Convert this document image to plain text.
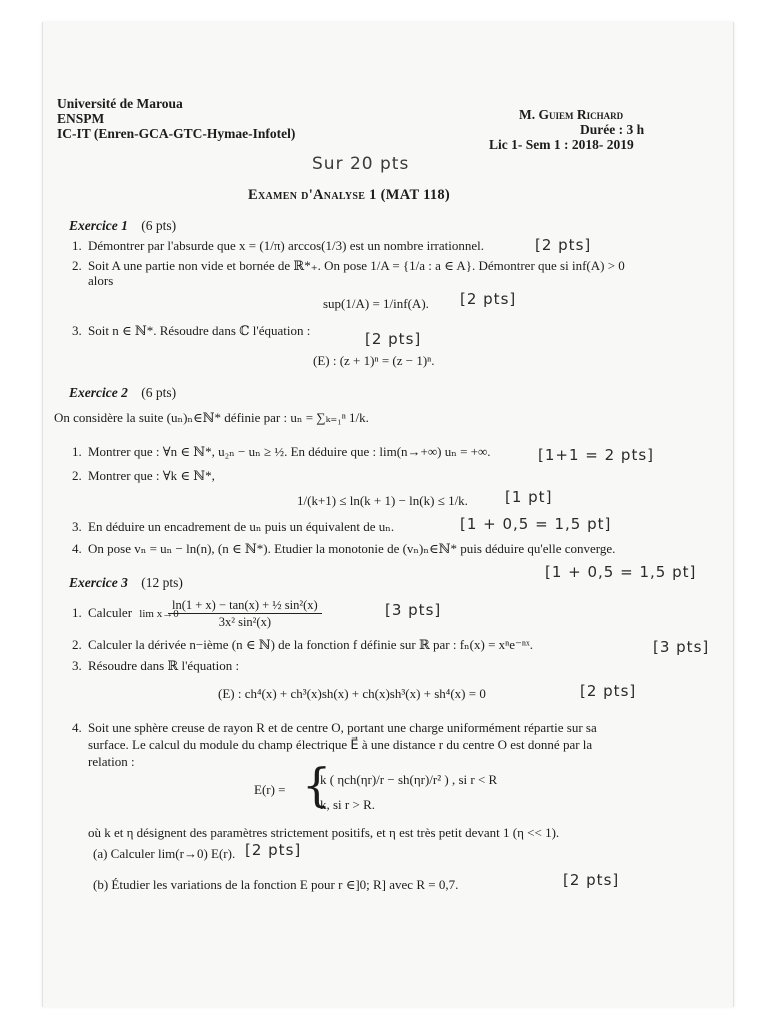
Université de Maroua
ENSPM
IC-IT (Enren-GCA-GTC-Hymae-Infotel)
M. Guiem Richard
Durée : 3 h
Lic 1- Sem 1 : 2018- 2019
Sur 20 pts
Examen d'Analyse 1 (MAT 118)
Exercice 1 (6 pts)
1. Démontrer par l'absurde que x = (1/π) arccos(1/3) est un nombre irrationnel.	[2 pts]
2. Soit A une partie non vide et bornée de ℝ*₊. On pose 1/A = {1/a : a ∈ A}. Démontrer que si inf(A) > 0
alors
sup(1/A) = 1/inf(A). [2 pts]
3. Soit n ∈ ℕ*. Résoudre dans ℂ l'équation :	[2 pts]
(E) : (z + 1)ⁿ = (z − 1)ⁿ.
Exercice 2 (6 pts)
On considère la suite (uₙ)ₙ∈ℕ* définie par : uₙ = ∑ₖ₌₁ⁿ 1/k.
1. Montrer que : ∀n ∈ ℕ*, u₂ₙ − uₙ ≥ ½. En déduire que : lim(n→+∞) uₙ = +∞.	[1+1 = 2 pts]
2. Montrer que : ∀k ∈ ℕ*,
1/(k+1) ≤ ln(k + 1) − ln(k) ≤ 1/k. [1 pt]
3. En déduire un encadrement de uₙ puis un équivalent de uₙ.	[1 + 0,5 = 1,5 pt]
4. On pose vₙ = uₙ − ln(n), (n ∈ ℕ*). Etudier la monotonie de (vₙ)ₙ∈ℕ* puis déduire qu'elle converge.
[1 + 0,5 = 1,5 pt]
Exercice 3 (12 pts)
1. Calculer lim x→0
ln(1 + x) − tan(x) + ½ sin²(x)
3x² sin²(x)
[3 pts]
2. Calculer la dérivée n−ième (n ∈ ℕ) de la fonction f définie sur ℝ par : fₙ(x) = xⁿe⁻ⁿˣ.	[3 pts]
3. Résoudre dans ℝ l'équation :
(E) : ch⁴(x) + ch³(x)sh(x) + ch(x)sh³(x) + sh⁴(x) = 0	[2 pts]
4. Soit une sphère creuse de rayon R et de centre O, portant une charge uniformément répartie sur sa
surface. Le calcul du module du champ électrique E⃗ à une distance r du centre O est donné par la
relation :
E(r) = {
k ( ηch(ηr)/r − sh(ηr)/r² ) , si r < R
k, si r > R.
où k et η désignent des paramètres strictement positifs, et η est très petit devant 1 (η << 1).
(a) Calculer lim(r→0) E(r). [2 pts]
(b) Étudier les variations de la fonction E pour r ∈]0; R] avec R = 0,7.	[2 pts]
